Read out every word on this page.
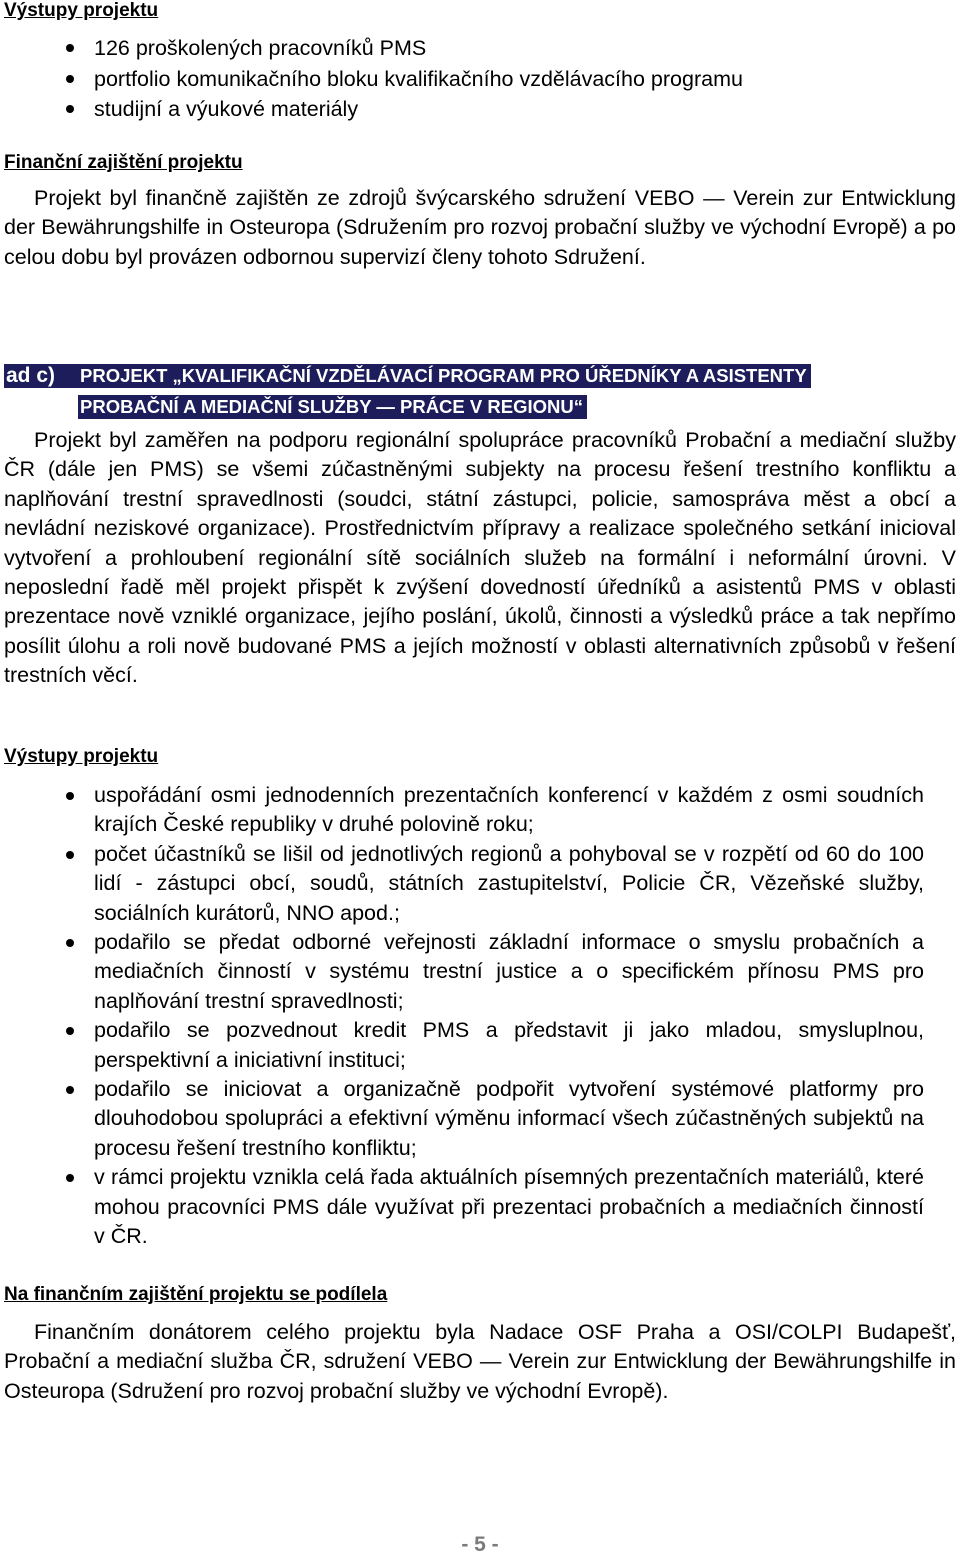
Výstupy projektu
126 proškolených pracovníků PMS
portfolio komunikačního bloku kvalifikačního vzdělávacího programu
studijní a výukové materiály
Finanční zajištění projektu

Projekt byl finančně zajištěn ze zdrojů švýcarského sdružení VEBO — Verein zur Entwicklung der Bewährungshilfe in Osteuropa (Sdružením pro rozvoj probační služby ve východní Evropě) a po celou dobu byl provázen odbornou supervizí členy tohoto Sdružení.

ad c) PROJEKT „KVALIFIKAČNÍ VZDĚLÁVACÍ PROGRAM PRO ÚŘEDNÍKY A ASISTENTY
PROBAČNÍ A MEDIAČNÍ SLUŽBY — PRÁCE V REGIONU“

Projekt byl zaměřen na podporu regionální spolupráce pracovníků Probační a mediační služby ČR (dále jen PMS) se všemi zúčastněnými subjekty na procesu řešení trestního konfliktu a naplňování trestní spravedlnosti (soudci, státní zástupci, policie, samospráva měst a obcí a nevládní neziskové organizace). Prostřednictvím přípravy a realizace společného setkání inicioval vytvoření a prohloubení regionální sítě sociálních služeb na formální i neformální úrovni. V neposlední řadě měl projekt přispět k zvýšení dovedností úředníků a asistentů PMS v oblasti prezentace nově vzniklé organizace, jejího poslání, úkolů, činnosti a výsledků práce a tak nepřímo posílit úlohu a roli nově budované PMS a jejích možností v oblasti alternativních způsobů v řešení trestních věcí.

Výstupy projektu
uspořádání osmi jednodenních prezentačních konferencí v každém z osmi soudních krajích České republiky v druhé polovině roku;
počet účastníků se lišil od jednotlivých regionů a pohyboval se v rozpětí od 60 do 100 lidí - zástupci obcí, soudů, státních zastupitelství, Policie ČR, Vězeňské služby, sociálních kurátorů, NNO apod.;
podařilo se předat odborné veřejnosti základní informace o smyslu probačních a mediačních činností v systému trestní justice a o specifickém přínosu PMS pro naplňování trestní spravedlnosti;
podařilo se pozvednout kredit PMS a představit ji jako mladou, smysluplnou, perspektivní a iniciativní instituci;
podařilo se iniciovat a organizačně podpořit vytvoření systémové platformy pro dlouhodobou spolupráci a efektivní výměnu informací všech zúčastněných subjektů na procesu řešení trestního konfliktu;
v rámci projektu vznikla celá řada aktuálních písemných prezentačních materiálů, které mohou pracovníci PMS dále využívat při prezentaci probačních a mediačních činností v ČR.
Na finančním zajištění projektu se podílela

Finančním donátorem celého projektu byla Nadace OSF Praha a OSI/COLPI Budapešť, Probační a mediační služba ČR, sdružení VEBO — Verein zur Entwicklung der Bewährungshilfe in Osteuropa (Sdružení pro rozvoj probační služby ve východní Evropě).

- 5 -
